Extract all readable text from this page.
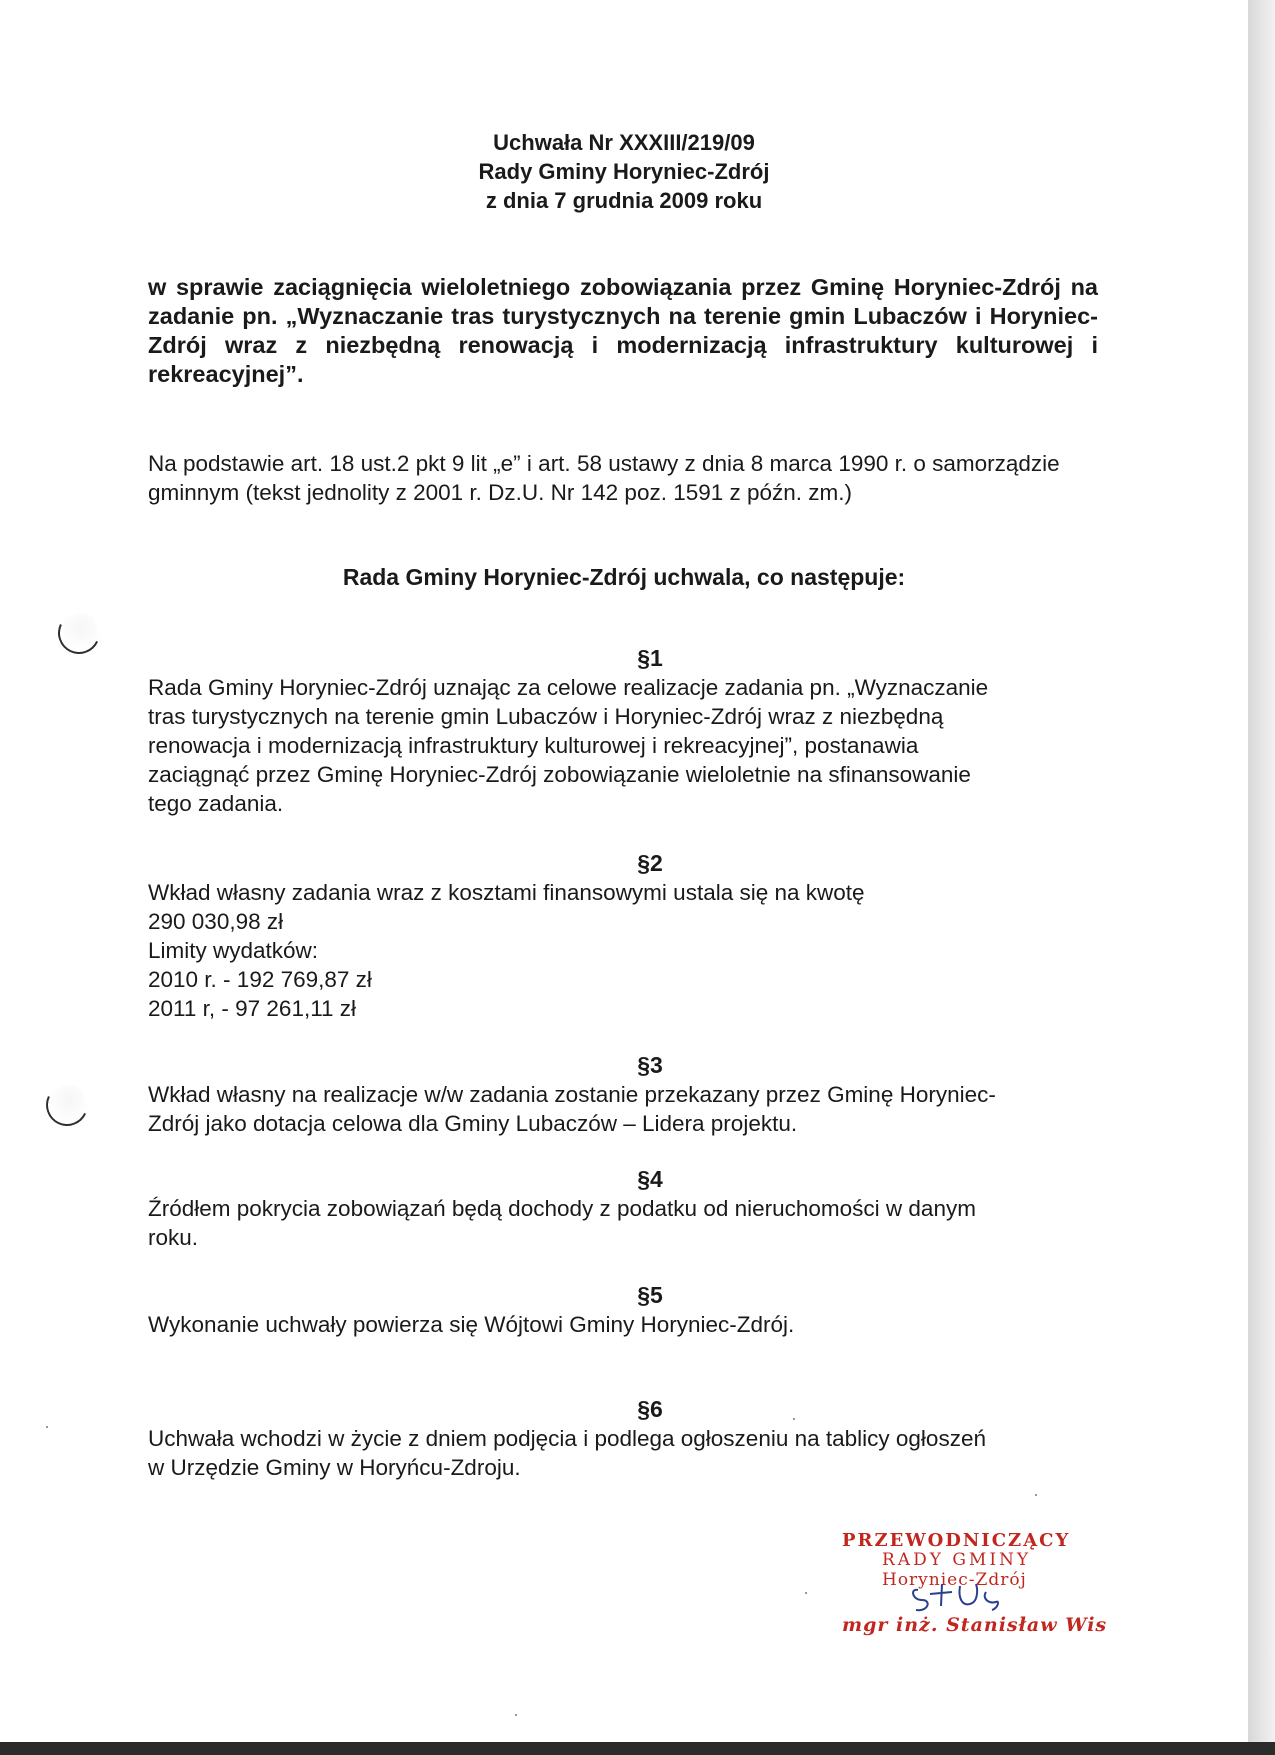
Uchwała Nr XXXIII/219/09
Rady Gminy Horyniec-Zdrój
z dnia 7 grudnia 2009 roku
w sprawie zaciągnięcia wieloletniego zobowiązania przez Gminę Horyniec-Zdrój na zadanie pn. „Wyznaczanie tras turystycznych na terenie gmin Lubaczów i Horyniec-Zdrój wraz z niezbędną renowacją i modernizacją infrastruktury kulturowej i rekreacyjnej”.
Na podstawie art. 18 ust.2 pkt 9 lit „e” i art. 58 ustawy z dnia 8 marca 1990 r. o samorządzie gminnym (tekst jednolity z 2001 r. Dz.U. Nr 142 poz. 1591 z późn. zm.)
Rada Gminy Horyniec-Zdrój uchwala, co następuje:
§1
Rada Gminy Horyniec-Zdrój uznając za celowe realizacje zadania pn. „Wyznaczanie
tras turystycznych na terenie gmin Lubaczów i Horyniec-Zdrój wraz z niezbędną
renowacja i modernizacją infrastruktury kulturowej i rekreacyjnej”, postanawia
zaciągnąć przez Gminę Horyniec-Zdrój zobowiązanie wieloletnie na sfinansowanie
tego zadania.
§2
Wkład własny zadania wraz z kosztami finansowymi ustala się na kwotę
290 030,98 zł
Limity wydatków:
2010 r. - 192 769,87 zł
2011 r, - 97 261,11 zł
§3
Wkład własny na realizacje w/w zadania zostanie przekazany przez Gminę Horyniec-
Zdrój jako dotacja celowa dla Gminy Lubaczów – Lidera projektu.
§4
Źródłem pokrycia zobowiązań będą dochody z podatku od nieruchomości w danym
roku.
§5
Wykonanie uchwały powierza się Wójtowi Gminy Horyniec-Zdrój.
§6
Uchwała wchodzi w życie z dniem podjęcia i podlega ogłoszeniu na tablicy ogłoszeń
w Urzędzie Gminy w Horyńcu-Zdroju.
PRZEWODNICZĄCY
RADY GMINY
Horyniec-Zdrój
mgr inż. Stanisław Wis
